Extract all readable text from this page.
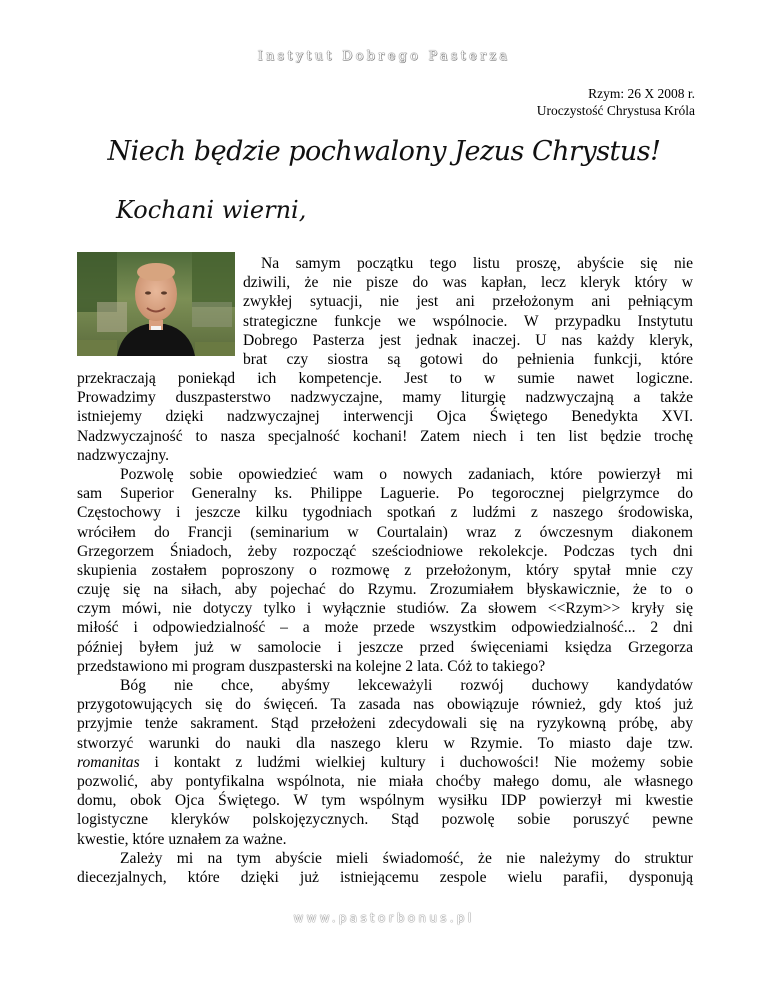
Instytut Dobrego Pasterza
Rzym: 26 X 2008 r.
Uroczystość Chrystusa Króla
Niech będzie pochwalony Jezus Chrystus!
Kochani wierni,
Na samym początku tego listu proszę, abyście się nie
dziwili, że nie pisze do was kapłan, lecz kleryk który w
zwykłej sytuacji, nie jest ani przełożonym ani pełniącym
strategiczne funkcje we wspólnocie. W przypadku Instytutu
Dobrego Pasterza jest jednak inaczej. U nas każdy kleryk,
brat czy siostra są gotowi do pełnienia funkcji, które
przekraczają poniekąd ich kompetencje. Jest to w sumie nawet logiczne.
Prowadzimy duszpasterstwo nadzwyczajne, mamy liturgię nadzwyczajną a także
istniejemy dzięki nadzwyczajnej interwencji Ojca Świętego Benedykta XVI.
Nadzwyczajność to nasza specjalność kochani! Zatem niech i ten list będzie trochę
nadzwyczajny.
Pozwolę sobie opowiedzieć wam o nowych zadaniach, które powierzył mi
sam Superior Generalny ks. Philippe Laguerie. Po tegorocznej pielgrzymce do
Częstochowy i jeszcze kilku tygodniach spotkań z ludźmi z naszego środowiska,
wróciłem do Francji (seminarium w Courtalain) wraz z ówczesnym diakonem
Grzegorzem Śniadoch, żeby rozpocząć sześciodniowe rekolekcje. Podczas tych dni
skupienia zostałem poproszony o rozmowę z przełożonym, który spytał mnie czy
czuję się na siłach, aby pojechać do Rzymu. Zrozumiałem błyskawicznie, że to o
czym mówi, nie dotyczy tylko i wyłącznie studiów. Za słowem <<Rzym>> kryły się
miłość i odpowiedzialność – a może przede wszystkim odpowiedzialność... 2 dni
później byłem już w samolocie i jeszcze przed święceniami księdza Grzegorza
przedstawiono mi program duszpasterski na kolejne 2 lata. Cóż to takiego?
Bóg nie chce, abyśmy lekceważyli rozwój duchowy kandydatów
przygotowujących się do święceń. Ta zasada nas obowiązuje również, gdy ktoś już
przyjmie tenże sakrament. Stąd przełożeni zdecydowali się na ryzykowną próbę, aby
stworzyć warunki do nauki dla naszego kleru w Rzymie. To miasto daje tzw.
romanitas i kontakt z ludźmi wielkiej kultury i duchowości! Nie możemy sobie
pozwolić, aby pontyfikalna wspólnota, nie miała choćby małego domu, ale własnego
domu, obok Ojca Świętego. W tym wspólnym wysiłku IDP powierzył mi kwestie
logistyczne kleryków polskojęzycznych. Stąd pozwolę sobie poruszyć pewne
kwestie, które uznałem za ważne.
Zależy mi na tym abyście mieli świadomość, że nie należymy do struktur
diecezjalnych, które dzięki już istniejącemu zespole wielu parafii, dysponują
www.pastorbonus.pl
